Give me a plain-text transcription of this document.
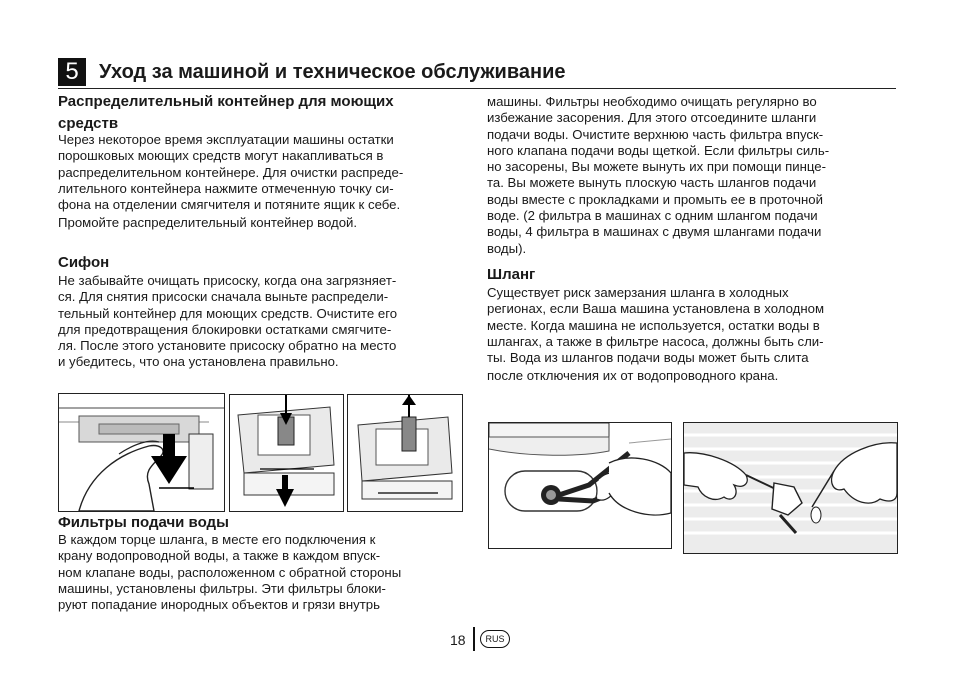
5	Уход за машиной и техническое обслуживание
Распределительный контейнер для моющих
средств
Через некоторое время эксплуатации машины остатки
порошковых моющих средств могут накапливаться в
распределительном контейнере. Для очистки распреде-
лительного контейнера нажмите отмеченную точку си-
фона на отделении смягчителя и потяните ящик к себе.
Промойте распределительный контейнер водой.
Сифон
Не забывайте очищать присоску, когда она загрязняет-
ся. Для снятия присоски сначала выньте распредели-
тельный контейнер для моющих средств. Очистите его
для предотвращения блокировки остатками смягчите-
ля. После этого установите присоску обратно на место
и убедитесь, что она установлена правильно.
Фильтры подачи воды
В каждом торце шланга, в месте его подключения к
крану водопроводной воды, а также в каждом впуск-
ном клапане воды, расположенном с обратной стороны
машины, установлены фильтры. Эти фильтры блоки-
руют попадание инородных объектов и грязи внутрь
машины. Фильтры необходимо очищать регулярно во
избежание засорения. Для этого отсоедините шланги
подачи воды. Очистите верхнюю часть фильтра впуск-
ного клапана подачи воды щеткой. Если фильтры силь-
но засорены, Вы можете вынуть их при помощи пинце-
та. Вы можете вынуть плоскую часть шлангов подачи
воды вместе с прокладками и промыть ее в проточной
воде. (2 фильтра в машинах с одним шлангом подачи
воды, 4 фильтра в машинах с двумя шлангами подачи
воды).
Шланг
Существует риск замерзания шланга в холодных
регионах, если Ваша машина установлена в холодном
месте. Когда машина не используется, остатки воды в
шлангах, а также в фильтре насоса, должны быть сли-
ты. Вода из шлангов подачи воды может быть слита
после отключения их от водопроводного крана.
18	RUS
